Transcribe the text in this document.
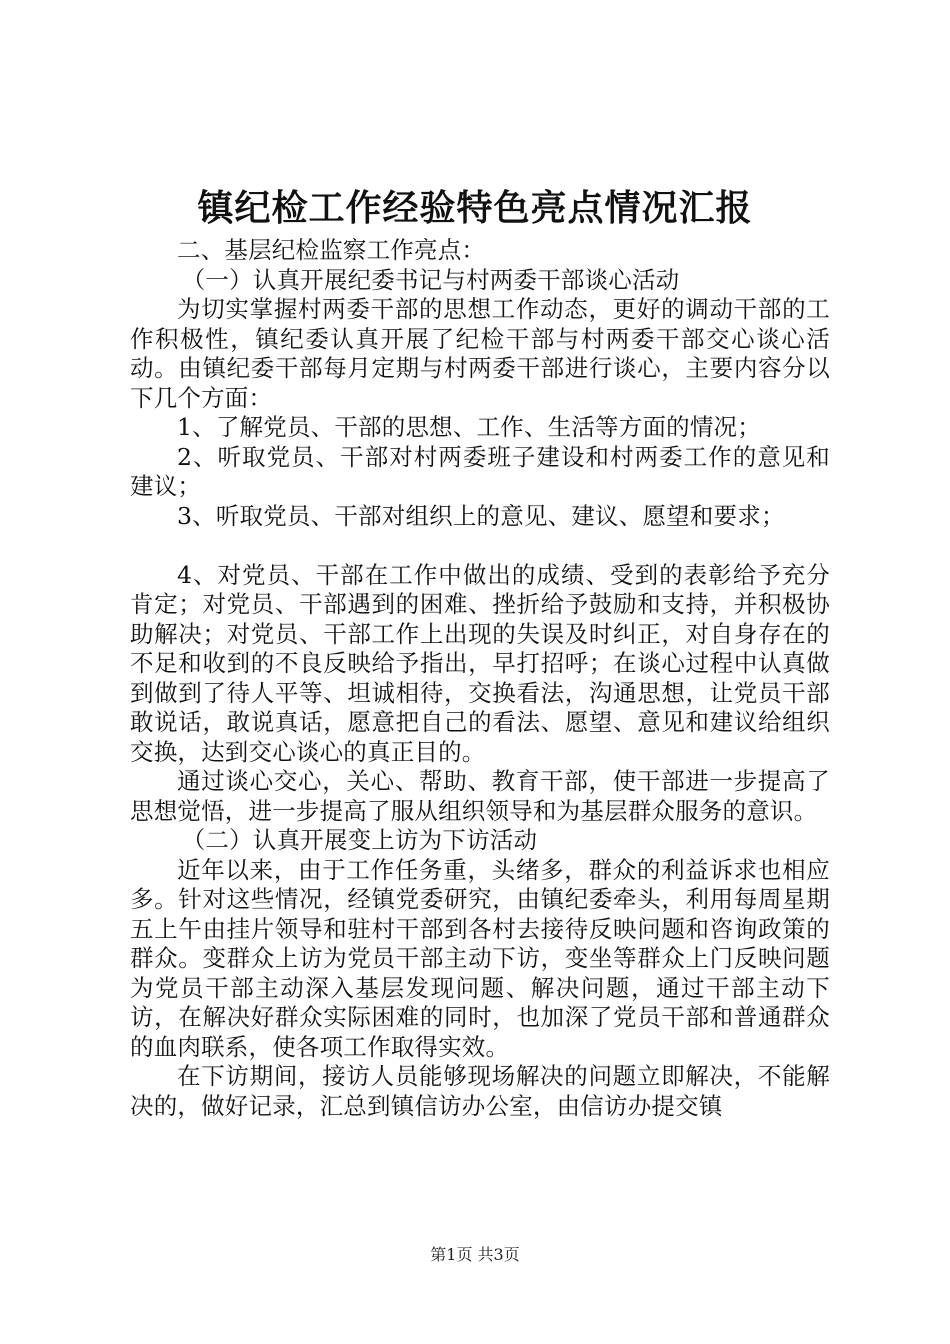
镇纪检工作经验特色亮点情况汇报

二、基层纪检监察工作亮点：

（一）认真开展纪委书记与村两委干部谈心活动

为切实掌握村两委干部的思想工作动态，更好的调动干部的工作积极性，镇纪委认真开展了纪检干部与村两委干部交心谈心活动。由镇纪委干部每月定期与村两委干部进行谈心，主要内容分以下几个方面：

1、了解党员、干部的思想、工作、生活等方面的情况；

2、听取党员、干部对村两委班子建设和村两委工作的意见和建议；

3、听取党员、干部对组织上的意见、建议、愿望和要求；

4、对党员、干部在工作中做出的成绩、受到的表彰给予充分肯定；对党员、干部遇到的困难、挫折给予鼓励和支持，并积极协助解决；对党员、干部工作上出现的失误及时纠正，对自身存在的不足和收到的不良反映给予指出，早打招呼；在谈心过程中认真做到做到了待人平等、坦诚相待，交换看法，沟通思想，让党员干部敢说话，敢说真话，愿意把自己的看法、愿望、意见和建议给组织交换，达到交心谈心的真正目的。

通过谈心交心，关心、帮助、教育干部，使干部进一步提高了思想觉悟，进一步提高了服从组织领导和为基层群众服务的意识。

（二）认真开展变上访为下访活动

近年以来，由于工作任务重，头绪多，群众的利益诉求也相应多。针对这些情况，经镇党委研究，由镇纪委牵头，利用每周星期五上午由挂片领导和驻村干部到各村去接待反映问题和咨询政策的群众。变群众上访为党员干部主动下访，变坐等群众上门反映问题为党员干部主动深入基层发现问题、解决问题，通过干部主动下访，在解决好群众实际困难的同时，也加深了党员干部和普通群众的血肉联系，使各项工作取得实效。

在下访期间，接访人员能够现场解决的问题立即解决，不能解决的，做好记录，汇总到镇信访办公室，由信访办提交镇

第1页 共3页
